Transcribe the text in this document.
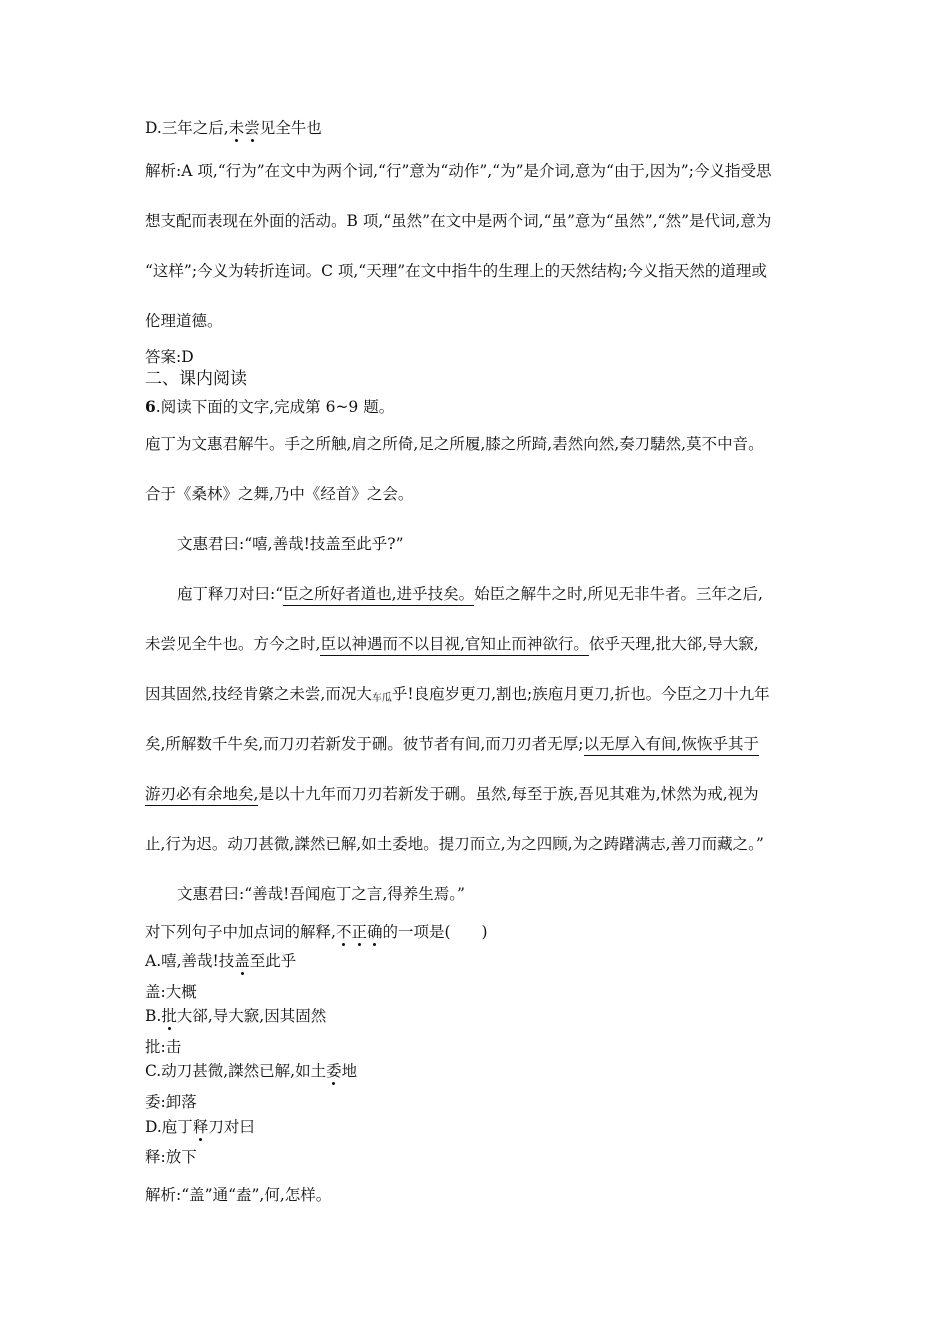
D.三年之后,未尝见全牛也
解析:A 项,“行为”在文中为两个词,“行”意为“动作”,“为”是介词,意为“由于,因为”;今义指受思
想支配而表现在外面的活动。B 项,“虽然”在文中是两个词,“虽”意为“虽然”,“然”是代词,意为
“这样”;今义为转折连词。C 项,“天理”在文中指牛的生理上的天然结构;今义指天然的道理或
伦理道德。
答案:D
二、课内阅读
6.阅读下面的文字,完成第 6~9 题。
庖丁为文惠君解牛。手之所触,肩之所倚,足之所履,膝之所踦,砉然向然,奏刀騞然,莫不中音。
合于《桑林》之舞,乃中《经首》之会。
文惠君曰:“嘻,善哉!技盖至此乎?”
庖丁释刀对曰:“臣之所好者道也,进乎技矣。始臣之解牛之时,所见无非牛者。三年之后,
未尝见全牛也。方今之时,臣以神遇而不以目视,官知止而神欲行。依乎天理,批大郤,导大窾,
因其固然,技经肯綮之未尝,而况大$_{车瓜}$乎!良庖岁更刀,割也;族庖月更刀,折也。今臣之刀十九年
矣,所解数千牛矣,而刀刃若新发于硎。彼节者有间,而刀刃者无厚;以无厚入有间,恢恢乎其于
游刃必有余地矣,是以十九年而刀刃若新发于硎。虽然,每至于族,吾见其难为,怵然为戒,视为
止,行为迟。动刀甚微,謋然已解,如土委地。提刀而立,为之四顾,为之踌躇满志,善刀而藏之。”
文惠君曰:“善哉!吾闻庖丁之言,得养生焉。”
对下列句子中加点词的解释,不正确的一项是(　　)
A.嘻,善哉!技盖至此乎
盖:大概
B.批大郤,导大窾,因其固然
批:击
C.动刀甚微,謋然已解,如土委地
委:卸落
D.庖丁释刀对曰
释:放下
解析:“盖”通“盍”,何,怎样。
